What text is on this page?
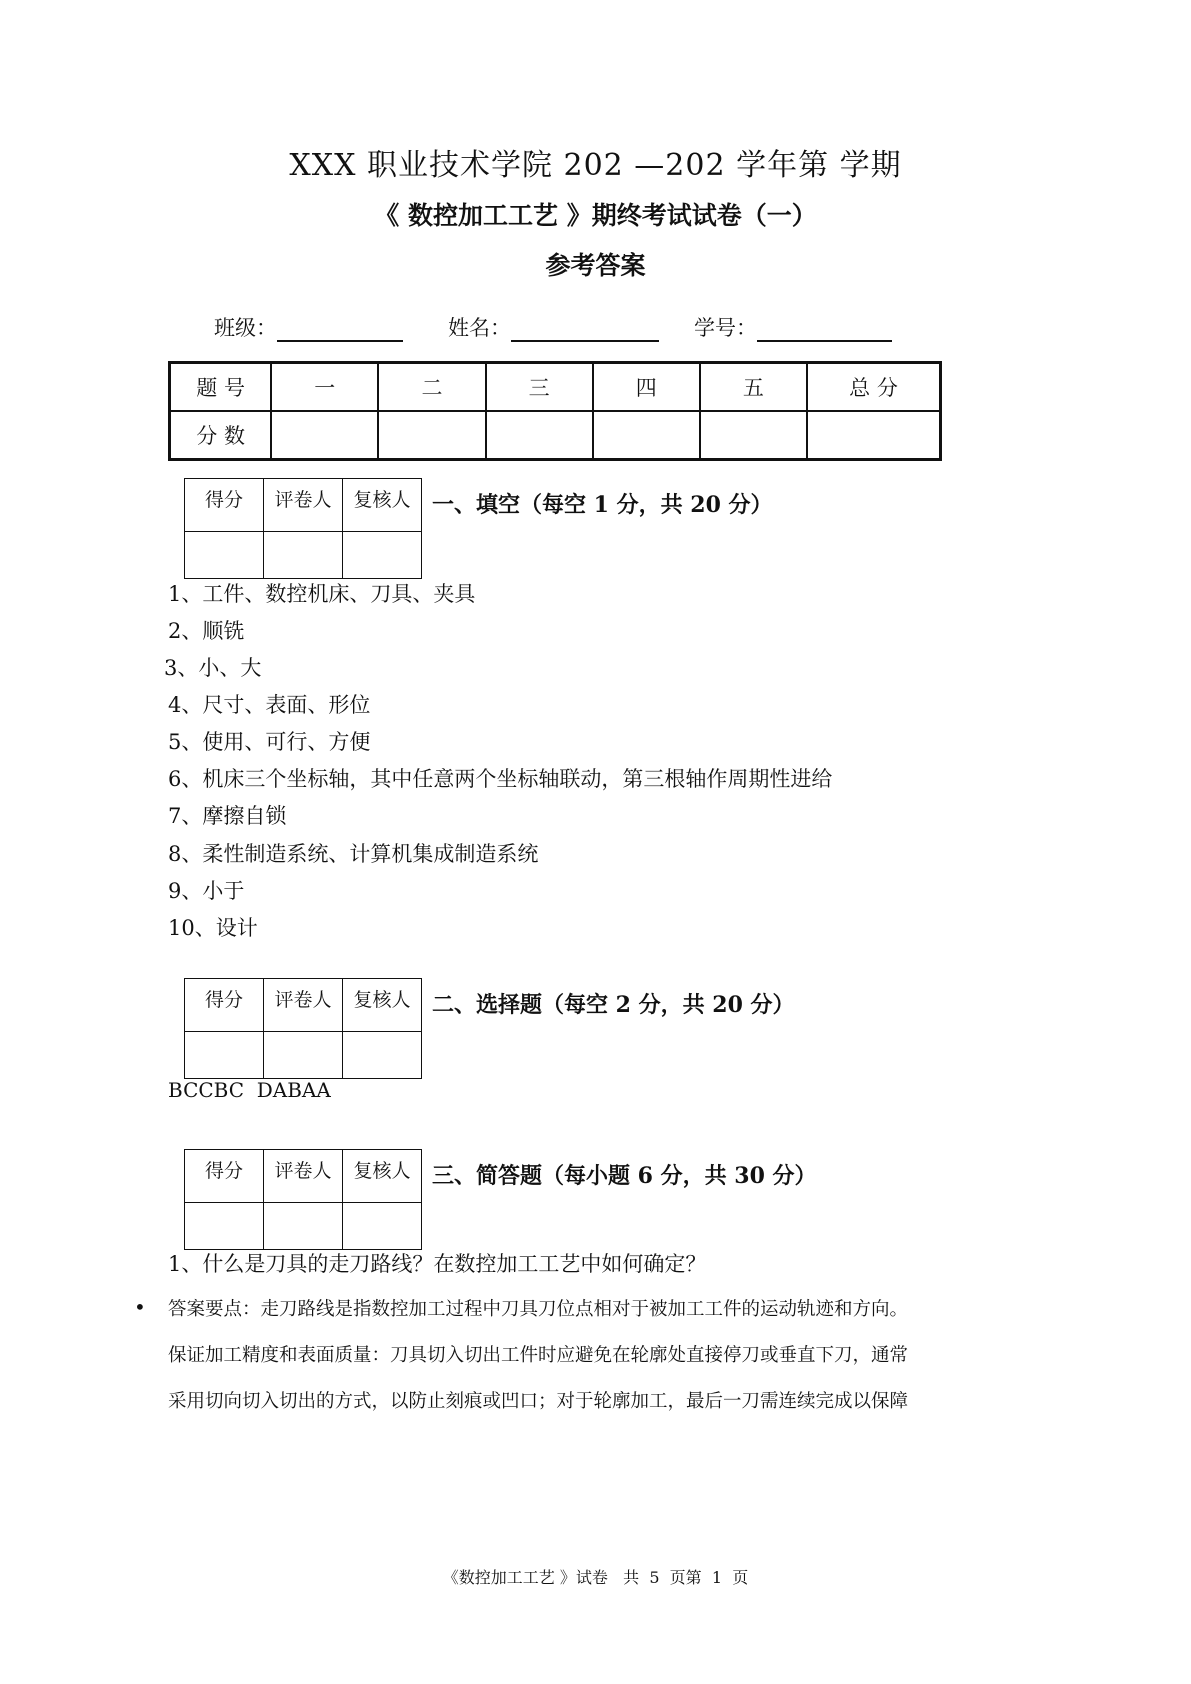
XXX 职业技术学院 202 —202 学年第 学期
《 数控加工工艺 》期终考试试卷（一）
参考答案
班级：	姓名：	学号：
题 号	一	二	三	四	五	总 分
分 数						
得分	评卷人	复核人
		一、填空（每空 1 分，共 20 分）
1、工件、数控机床、刀具、夹具
2、顺铣
3、小、大
4、尺寸、表面、形位
5、使用、可行、方便
6、机床三个坐标轴，其中任意两个坐标轴联动，第三根轴作周期性进给
7、摩擦自锁
8、柔性制造系统、计算机集成制造系统
9、小于
10、设计
得分	评卷人	复核人
		二、选择题（每空 2 分，共 20 分）
BCCBC  DABAA
得分	评卷人	复核人
		三、简答题（每小题 6 分，共 30 分）
1、什么是刀具的走刀路线？在数控加工工艺中如何确定？
• 答案要点：走刀路线是指数控加工过程中刀具刀位点相对于被加工工件的运动轨迹和方向。
保证加工精度和表面质量：刀具切入切出工件时应避免在轮廓处直接停刀或垂直下刀，通常
采用切向切入切出的方式，以防止刻痕或凹口；对于轮廓加工，最后一刀需连续完成以保障
《数控加工工艺 》试卷   共  5  页第  1  页
